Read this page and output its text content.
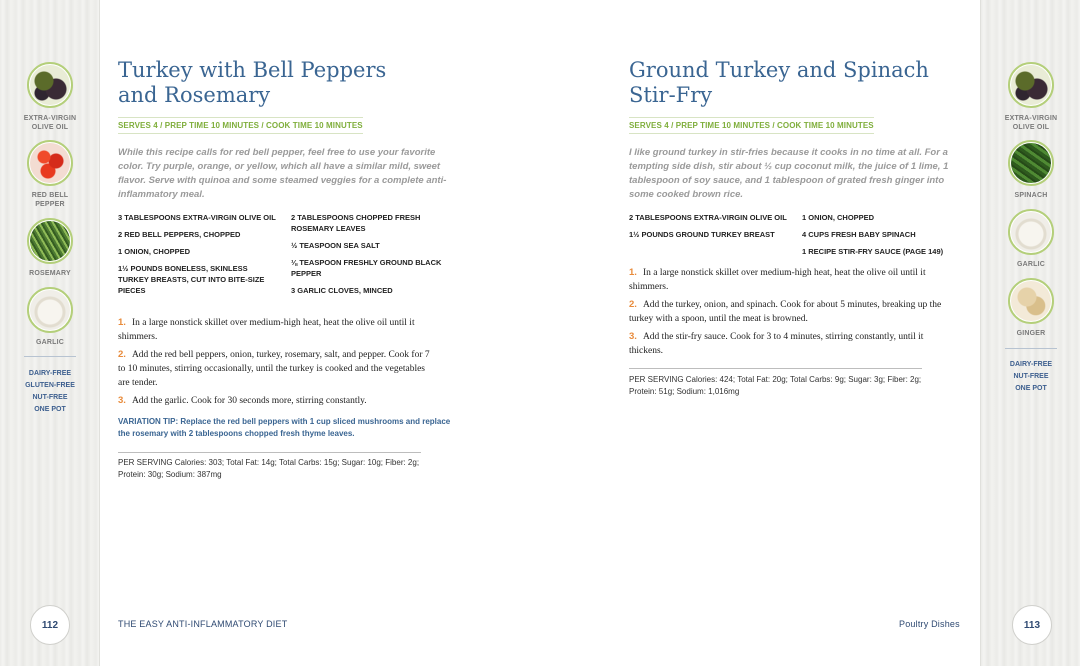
EXTRA-VIRGIN OLIVE OIL
RED BELL PEPPER
ROSEMARY
GARLIC
DAIRY-FREE
GLUTEN-FREE
NUT-FREE
ONE POT
112
EXTRA-VIRGIN OLIVE OIL
SPINACH
GARLIC
GINGER
DAIRY-FREE
NUT-FREE
ONE POT
113
Turkey with Bell Peppers
and Rosemary
SERVES 4 / PREP TIME 10 MINUTES / COOK TIME 10 MINUTES
While this recipe calls for red bell pepper, feel free to use your favorite color. Try purple, orange, or yellow, which all have a similar mild, sweet flavor. Serve with quinoa and some steamed veggies for a complete anti-inflammatory meal.
3 TABLESPOONS EXTRA-VIRGIN OLIVE OIL
2 RED BELL PEPPERS, CHOPPED
1 ONION, CHOPPED
1½ POUNDS BONELESS, SKINLESS TURKEY BREASTS, CUT INTO BITE-SIZE PIECES
2 TABLESPOONS CHOPPED FRESH ROSEMARY LEAVES
½ TEASPOON SEA SALT
⅛ TEASPOON FRESHLY GROUND BLACK PEPPER
3 GARLIC CLOVES, MINCED
1. In a large nonstick skillet over medium-high heat, heat the olive oil until it shimmers.
2. Add the red bell peppers, onion, turkey, rosemary, salt, and pepper. Cook for 7 to 10 minutes, stirring occasionally, until the turkey is cooked and the vegetables are tender.
3. Add the garlic. Cook for 30 seconds more, stirring constantly.
VARIATION TIP: Replace the red bell peppers with 1 cup sliced mushrooms and replace the rosemary with 2 tablespoons chopped fresh thyme leaves.
PER SERVING Calories: 303; Total Fat: 14g; Total Carbs: 15g; Sugar: 10g; Fiber: 2g; Protein: 30g; Sodium: 387mg
THE EASY ANTI-INFLAMMATORY DIET
Ground Turkey and Spinach
Stir-Fry
SERVES 4 / PREP TIME 10 MINUTES / COOK TIME 10 MINUTES
I like ground turkey in stir-fries because it cooks in no time at all. For a tempting side dish, stir about ½ cup coconut milk, the juice of 1 lime, 1 tablespoon of soy sauce, and 1 tablespoon of grated fresh ginger into some cooked brown rice.
2 TABLESPOONS EXTRA-VIRGIN OLIVE OIL
1½ POUNDS GROUND TURKEY BREAST
1 ONION, CHOPPED
4 CUPS FRESH BABY SPINACH
1 RECIPE STIR-FRY SAUCE (PAGE 149)
1. In a large nonstick skillet over medium-high heat, heat the olive oil until it shimmers.
2. Add the turkey, onion, and spinach. Cook for about 5 minutes, breaking up the turkey with a spoon, until the meat is browned.
3. Add the stir-fry sauce. Cook for 3 to 4 minutes, stirring constantly, until it thickens.
PER SERVING Calories: 424; Total Fat: 20g; Total Carbs: 9g; Sugar: 3g; Fiber: 2g; Protein: 51g; Sodium: 1,016mg
Poultry Dishes
